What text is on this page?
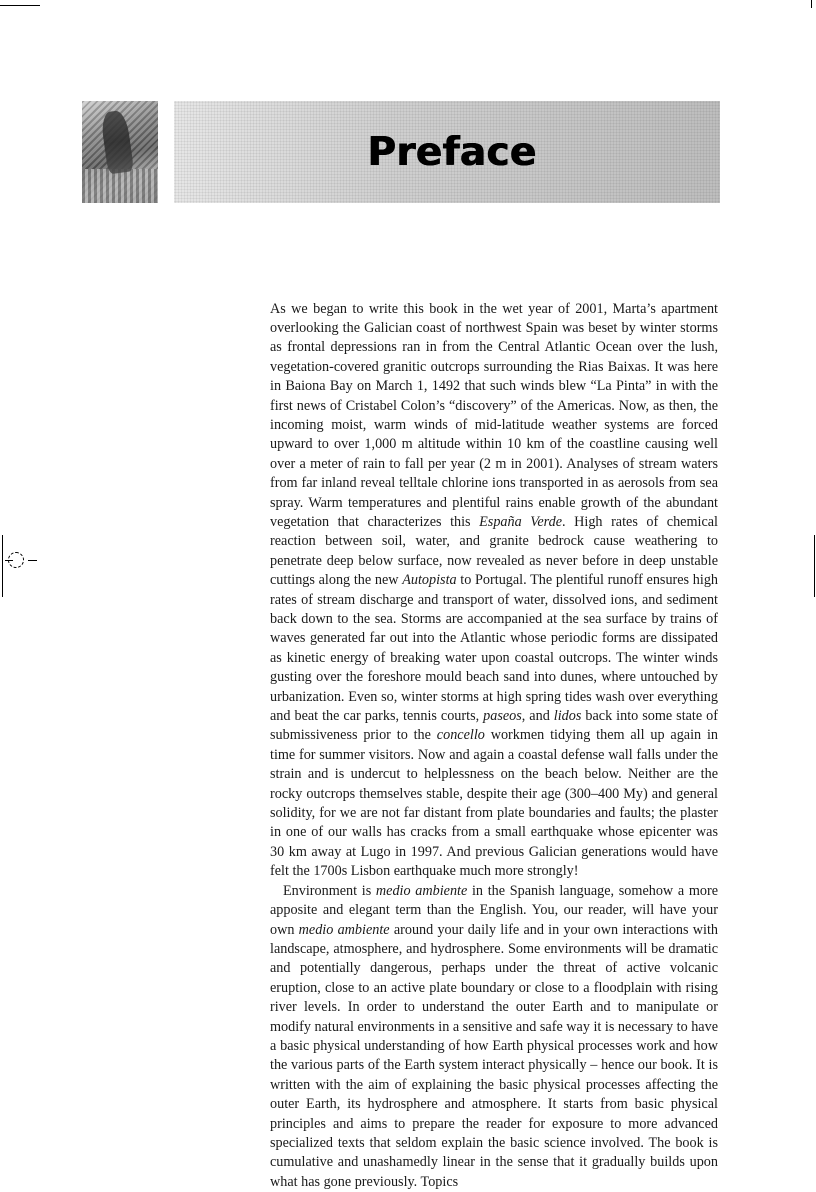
Preface

As we began to write this book in the wet year of 2001, Marta’s apartment overlooking the Galician coast of northwest Spain was beset by winter storms as frontal depressions ran in from the Central Atlantic Ocean over the lush, vegetation-covered granitic outcrops surrounding the Rias Baixas. It was here in Baiona Bay on March 1, 1492 that such winds blew “La Pinta” in with the first news of Cristabel Colon’s “discovery” of the Americas. Now, as then, the incoming moist, warm winds of mid-latitude weather systems are forced upward to over 1,000 m altitude within 10 km of the coastline causing well over a meter of rain to fall per year (2 m in 2001). Analyses of stream waters from far inland reveal telltale chlorine ions transported in as aerosols from sea spray. Warm temperatures and plentiful rains enable growth of the abundant vegetation that characterizes this España Verde. High rates of chemical reaction between soil, water, and granite bedrock cause weathering to penetrate deep below surface, now revealed as never before in deep unstable cuttings along the new Autopista to Portugal. The plentiful runoff ensures high rates of stream discharge and transport of water, dissolved ions, and sediment back down to the sea. Storms are accompanied at the sea surface by trains of waves generated far out into the Atlantic whose periodic forms are dissipated as kinetic energy of breaking water upon coastal outcrops. The winter winds gusting over the foreshore mould beach sand into dunes, where untouched by urbanization. Even so, winter storms at high spring tides wash over everything and beat the car parks, tennis courts, paseos, and lidos back into some state of submissiveness prior to the concello workmen tidying them all up again in time for summer visitors. Now and again a coastal defense wall falls under the strain and is undercut to helplessness on the beach below. Neither are the rocky outcrops themselves stable, despite their age (300–400 My) and general solidity, for we are not far distant from plate boundaries and faults; the plaster in one of our walls has cracks from a small earthquake whose epicenter was 30 km away at Lugo in 1997. And previous Galician generations would have felt the 1700s Lisbon earthquake much more strongly!

Environment is medio ambiente in the Spanish language, somehow a more apposite and elegant term than the English. You, our reader, will have your own medio ambiente around your daily life and in your own interactions with landscape, atmosphere, and hydrosphere. Some environments will be dramatic and potentially dangerous, perhaps under the threat of active volcanic eruption, close to an active plate boundary or close to a floodplain with rising river levels. In order to understand the outer Earth and to manipulate or modify natural environments in a sensitive and safe way it is necessary to have a basic physical understanding of how Earth physical processes work and how the various parts of the Earth system interact physically – hence our book. It is written with the aim of explaining the basic physical processes affecting the outer Earth, its hydrosphere and atmosphere. It starts from basic physical principles and aims to prepare the reader for exposure to more advanced specialized texts that seldom explain the basic science involved. The book is cumulative and unashamedly linear in the sense that it gradually builds upon what has gone previously. Topics
